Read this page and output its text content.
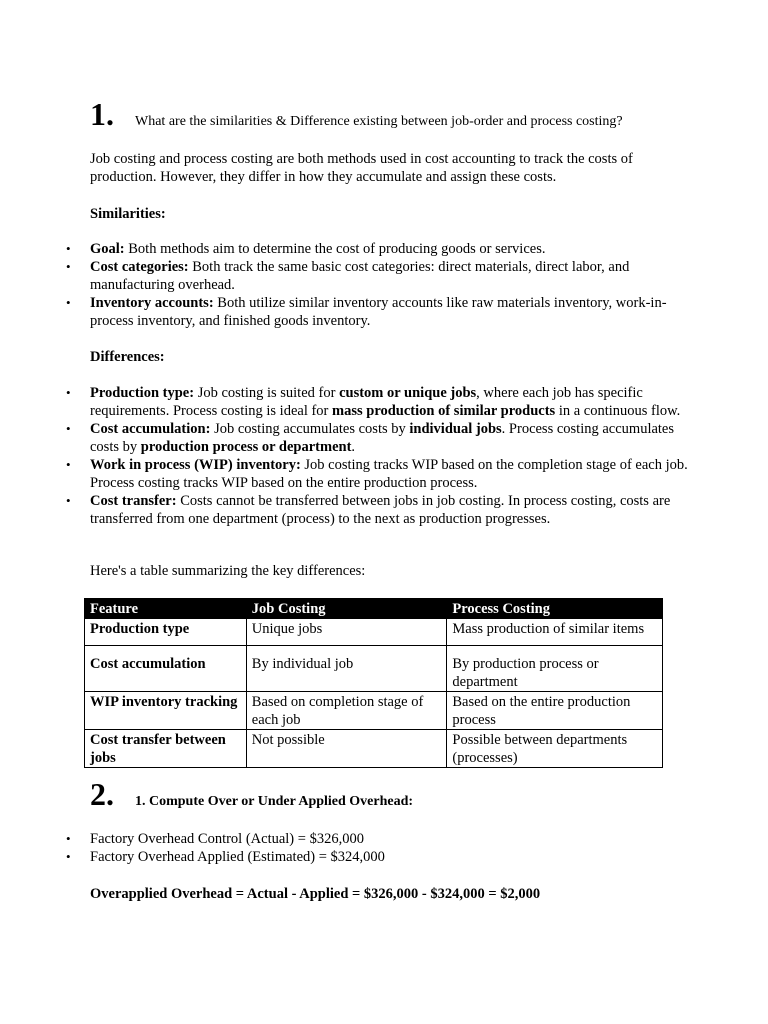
1.	What are the similarities & Difference existing between job-order and process costing?

Job costing and process costing are both methods used in cost accounting to track the costs of production. However, they differ in how they accumulate and assign these costs.

Similarities:

• Goal: Both methods aim to determine the cost of producing goods or services.
• Cost categories: Both track the same basic cost categories: direct materials, direct labor, and manufacturing overhead.
• Inventory accounts: Both utilize similar inventory accounts like raw materials inventory, work-in-process inventory, and finished goods inventory.

Differences:

• Production type: Job costing is suited for custom or unique jobs, where each job has specific requirements. Process costing is ideal for mass production of similar products in a continuous flow.
• Cost accumulation: Job costing accumulates costs by individual jobs. Process costing accumulates costs by production process or department.
• Work in process (WIP) inventory: Job costing tracks WIP based on the completion stage of each job. Process costing tracks WIP based on the entire production process.
• Cost transfer: Costs cannot be transferred between jobs in job costing. In process costing, costs are transferred from one department (process) to the next as production progresses.

Here's a table summarizing the key differences:

Feature	Job Costing	Process Costing
Production type	Unique jobs	Mass production of similar items
Cost accumulation	By individual job	By production process or department
WIP inventory tracking	Based on completion stage of each job	Based on the entire production process
Cost transfer between jobs	Not possible	Possible between departments (processes)
2.	1. Compute Over or Under Applied Overhead:
• Factory Overhead Control (Actual) = $326,000
• Factory Overhead Applied (Estimated) = $324,000

Overapplied Overhead = Actual - Applied = $326,000 - $324,000 = $2,000
